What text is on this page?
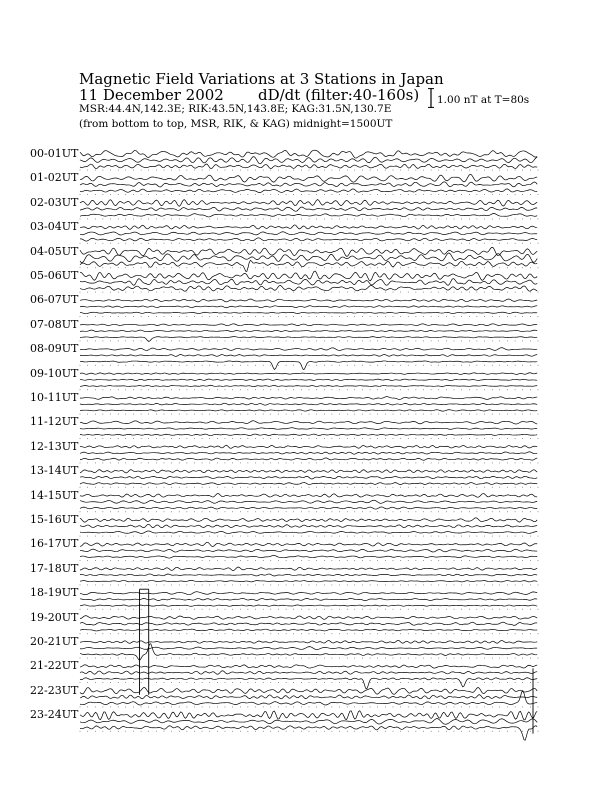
Magnetic Field Variations at 3 Stations in Japan
11 December 2002 dD/dt (filter:40-160s)
MSR:44.4N,142.3E; RIK:43.5N,143.8E; KAG:31.5N,130.7E
(from bottom to top, MSR, RIK, & KAG) midnight=1500UT
1.00 nT at T=80s
00-01UT
01-02UT
02-03UT
03-04UT
04-05UT
05-06UT
06-07UT
07-08UT
08-09UT
09-10UT
10-11UT
11-12UT
12-13UT
13-14UT
14-15UT
15-16UT
16-17UT
17-18UT
18-19UT
19-20UT
20-21UT
21-22UT
22-23UT
23-24UT
